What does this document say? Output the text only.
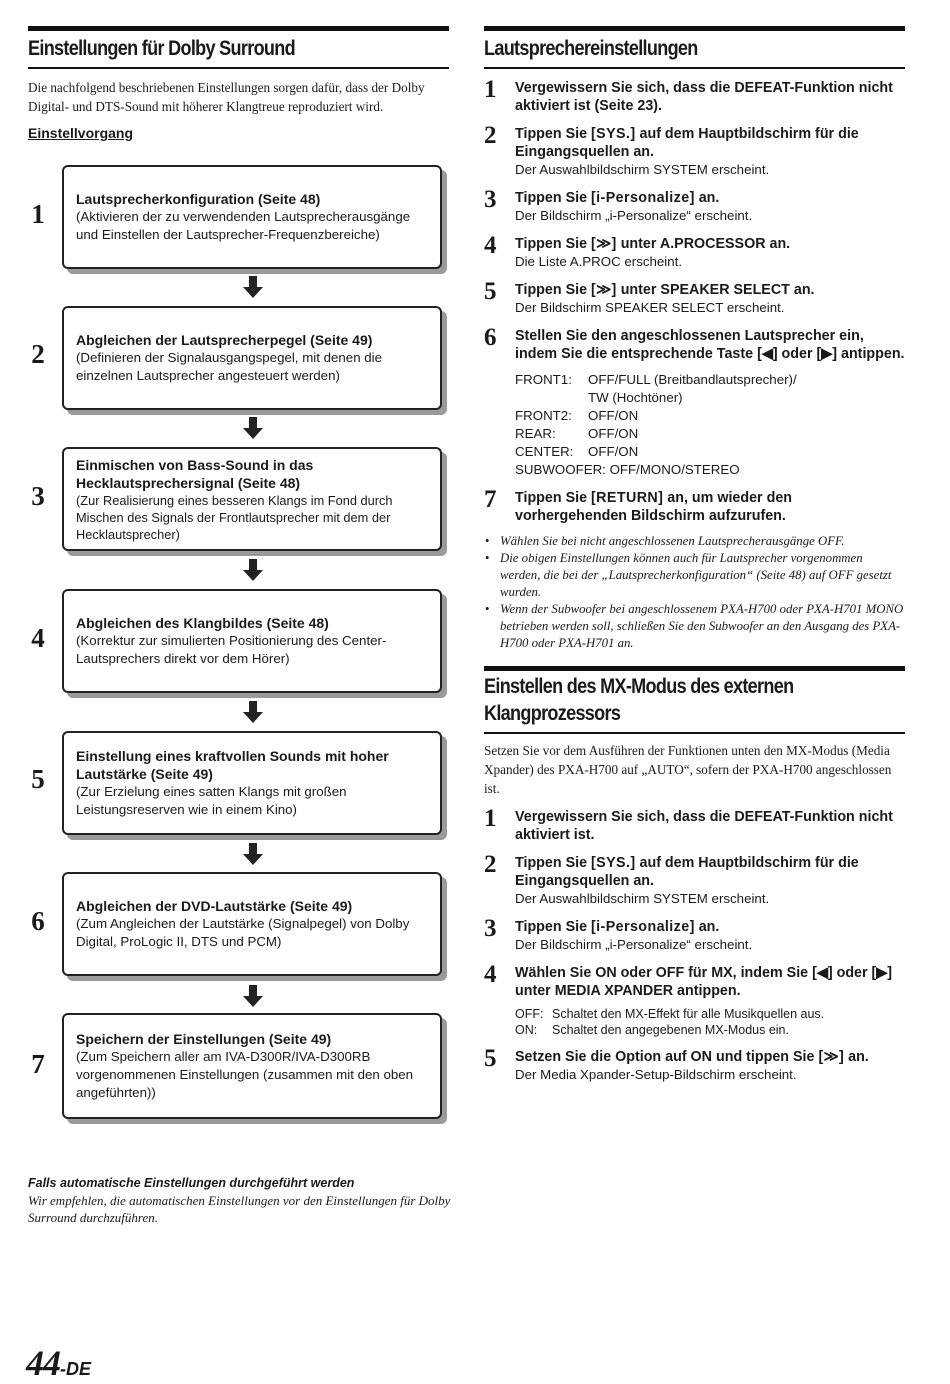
Einstellungen für Dolby Surround

Die nachfolgend beschriebenen Einstellungen sorgen dafür, dass der Dolby Digital- und DTS-Sound mit höherer Klangtreue reproduziert wird.

Einstellvorgang
1 Lautsprecherkonfiguration (Seite 48)
(Aktivieren der zu verwendenden Lautsprecherausgänge und Einstellen der Lautsprecher-Frequenzbereiche)
2 Abgleichen der Lautsprecherpegel (Seite 49)
(Definieren der Signalausgangspegel, mit denen die einzelnen Lautsprecher angesteuert werden)
3
Einmischen von Bass-Sound in das Hecklautsprechersignal (Seite 48)
(Zur Realisierung eines besseren Klangs im Fond durch Mischen des Signals der Frontlautsprecher mit dem der Hecklautsprecher)
4 Abgleichen des Klangbildes (Seite 48)
(Korrektur zur simulierten Positionierung des Center-Lautsprechers direkt vor dem Hörer)
5
Einstellung eines kraftvollen Sounds mit hoher Lautstärke (Seite 49)
(Zur Erzielung eines satten Klangs mit großen Leistungsreserven wie in einem Kino)
6 Abgleichen der DVD-Lautstärke (Seite 49)
(Zum Angleichen der Lautstärke (Signalpegel) von Dolby Digital, ProLogic II, DTS und PCM)
7
Speichern der Einstellungen (Seite 49)
(Zum Speichern aller am IVA-D300R/IVA-D300RB vorgenommenen Einstellungen (zusammen mit den oben angeführten))
Falls automatische Einstellungen durchgeführt werden
Wir empfehlen, die automatischen Einstellungen vor den Einstellungen für Dolby Surround durchzuführen.
44-DE
Lautsprechereinstellungen
1 Vergewissern Sie sich, dass die DEFEAT-Funktion nicht aktiviert ist (Seite 23).
2 Tippen Sie [SYS.] auf dem Hauptbildschirm für die Eingangsquellen an.
Der Auswahlbildschirm SYSTEM erscheint.
3 Tippen Sie [i-Personalize] an.
Der Bildschirm „i-Personalize“ erscheint.
4 Tippen Sie [≫] unter A.PROCESSOR an.
Die Liste A.PROC erscheint.
5 Tippen Sie [≫] unter SPEAKER SELECT an.
Der Bildschirm SPEAKER SELECT erscheint.
6 Stellen Sie den angeschlossenen Lautsprecher ein, indem Sie die entsprechende Taste [◀] oder [▶] antippen.
FRONT1:	OFF/FULL (Breitbandlautsprecher)/
TW (Hochtöner)
FRONT2:	OFF/ON
REAR:	OFF/ON
CENTER:	OFF/ON
SUBWOOFER:
OFF/MONO/STEREO
7 Tippen Sie [RETURN] an, um wieder den vorhergehenden Bildschirm aufzurufen.
• Wählen Sie bei nicht angeschlossenen Lautsprecherausgänge OFF.
• Die obigen Einstellungen können auch für Lautsprecher vorgenommen werden, die bei der „Lautsprecherkonfiguration“ (Seite 48) auf OFF gesetzt wurden.
• Wenn der Subwoofer bei angeschlossenem PXA-H700 oder PXA-H701 MONO betrieben werden soll, schließen Sie den Subwoofer an den Ausgang des PXA-H700 oder PXA-H701 an.
Einstellen des MX-Modus des externen
Klangprozessors

Setzen Sie vor dem Ausführen der Funktionen unten den MX-Modus (Media Xpander) des PXA-H700 auf „AUTO“, sofern der PXA-H700 angeschlossen ist.

1 Vergewissern Sie sich, dass die DEFEAT-Funktion nicht aktiviert ist.
2 Tippen Sie [SYS.] auf dem Hauptbildschirm für die Eingangsquellen an.
Der Auswahlbildschirm SYSTEM erscheint.
3 Tippen Sie [i-Personalize] an.
Der Bildschirm „i-Personalize“ erscheint.
4 Wählen Sie ON oder OFF für MX, indem Sie [◀] oder [▶] unter MEDIA XPANDER antippen.
OFF: Schaltet den MX-Effekt für alle Musikquellen aus.
ON:	Schaltet den angegebenen MX-Modus ein.
5 Setzen Sie die Option auf ON und tippen Sie [≫] an.
Der Media Xpander-Setup-Bildschirm erscheint.
